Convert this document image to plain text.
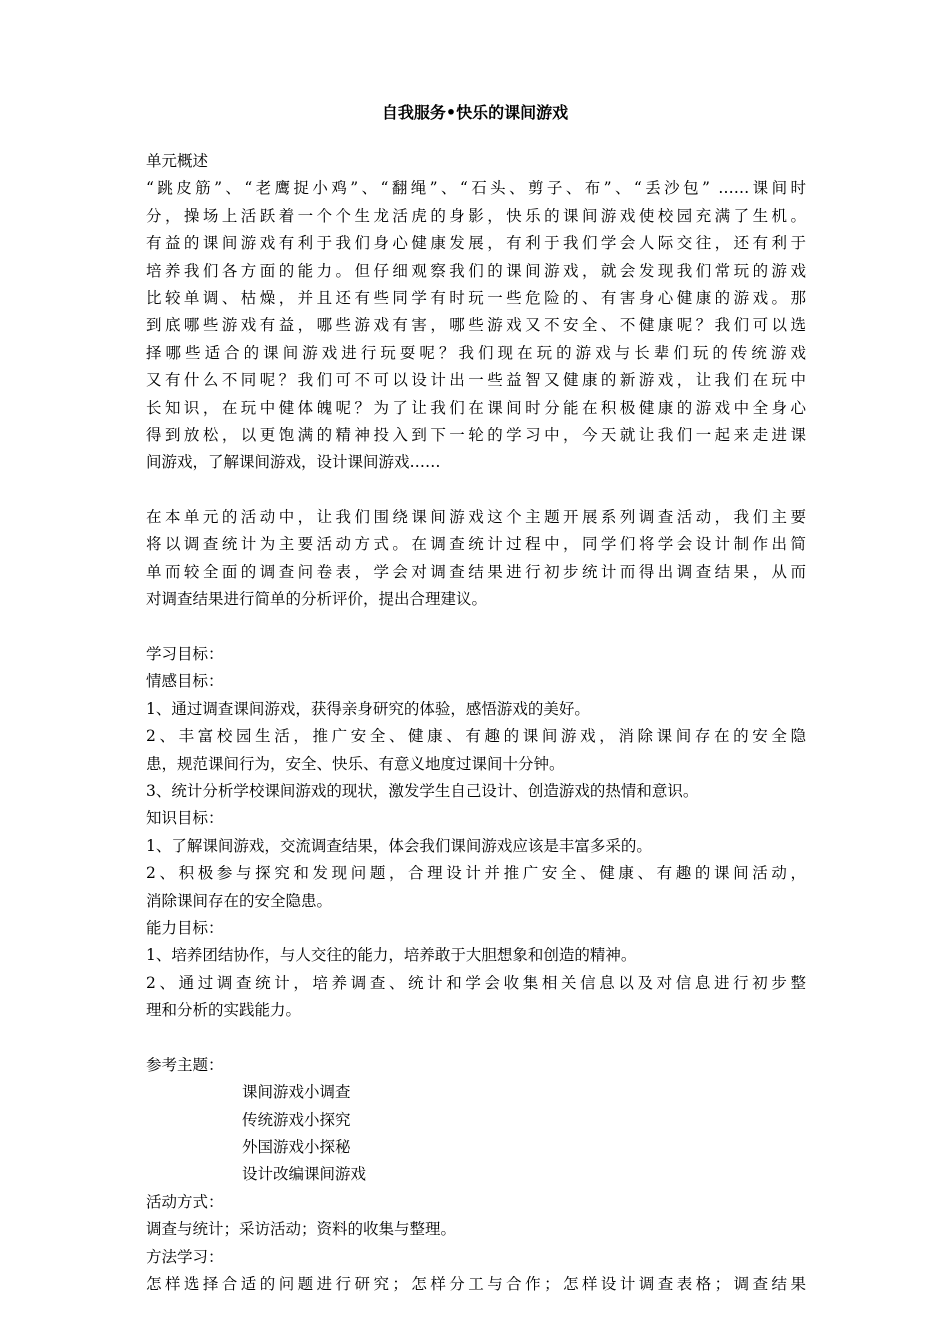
自我服务•快乐的课间游戏
单元概述
“跳皮筋”、“老鹰捉小鸡”、“翻绳”、“石头、剪子、布”、“丢沙包” ……课间时
分，操场上活跃着一个个生龙活虎的身影，快乐的课间游戏使校园充满了生机。
有益的课间游戏有利于我们身心健康发展，有利于我们学会人际交往，还有利于
培养我们各方面的能力。但仔细观察我们的课间游戏，就会发现我们常玩的游戏
比较单调、枯燥，并且还有些同学有时玩一些危险的、有害身心健康的游戏。那
到底哪些游戏有益，哪些游戏有害，哪些游戏又不安全、不健康呢？我们可以选
择哪些适合的课间游戏进行玩耍呢？我们现在玩的游戏与长辈们玩的传统游戏
又有什么不同呢？我们可不可以设计出一些益智又健康的新游戏，让我们在玩中
长知识，在玩中健体魄呢？为了让我们在课间时分能在积极健康的游戏中全身心
得到放松，以更饱满的精神投入到下一轮的学习中，今天就让我们一起来走进课
间游戏，了解课间游戏，设计课间游戏……
在本单元的活动中，让我们围绕课间游戏这个主题开展系列调查活动，我们主要
将以调查统计为主要活动方式。在调查统计过程中，同学们将学会设计制作出简
单而较全面的调查问卷表，学会对调查结果进行初步统计而得出调查结果，从而
对调查结果进行简单的分析评价，提出合理建议。
学习目标：
情感目标：
1、通过调查课间游戏，获得亲身研究的体验，感悟游戏的美好。
2、丰富校园生活，推广安全、健康、有趣的课间游戏，消除课间存在的安全隐
患，规范课间行为，安全、快乐、有意义地度过课间十分钟。
3、统计分析学校课间游戏的现状，激发学生自己设计、创造游戏的热情和意识。
知识目标：
1、了解课间游戏，交流调查结果，体会我们课间游戏应该是丰富多采的。
2、积极参与探究和发现问题，合理设计并推广安全、健康、有趣的课间活动，
消除课间存在的安全隐患。
能力目标：
1、培养团结协作，与人交往的能力，培养敢于大胆想象和创造的精神。
2、通过调查统计，培养调查、统计和学会收集相关信息以及对信息进行初步整
理和分析的实践能力。
参考主题：
课间游戏小调查
传统游戏小探究
外国游戏小探秘
设计改编课间游戏
活动方式：
调查与统计；采访活动；资料的收集与整理。
方法学习：
怎样选择合适的问题进行研究；怎样分工与合作；怎样设计调查表格；调查结果
